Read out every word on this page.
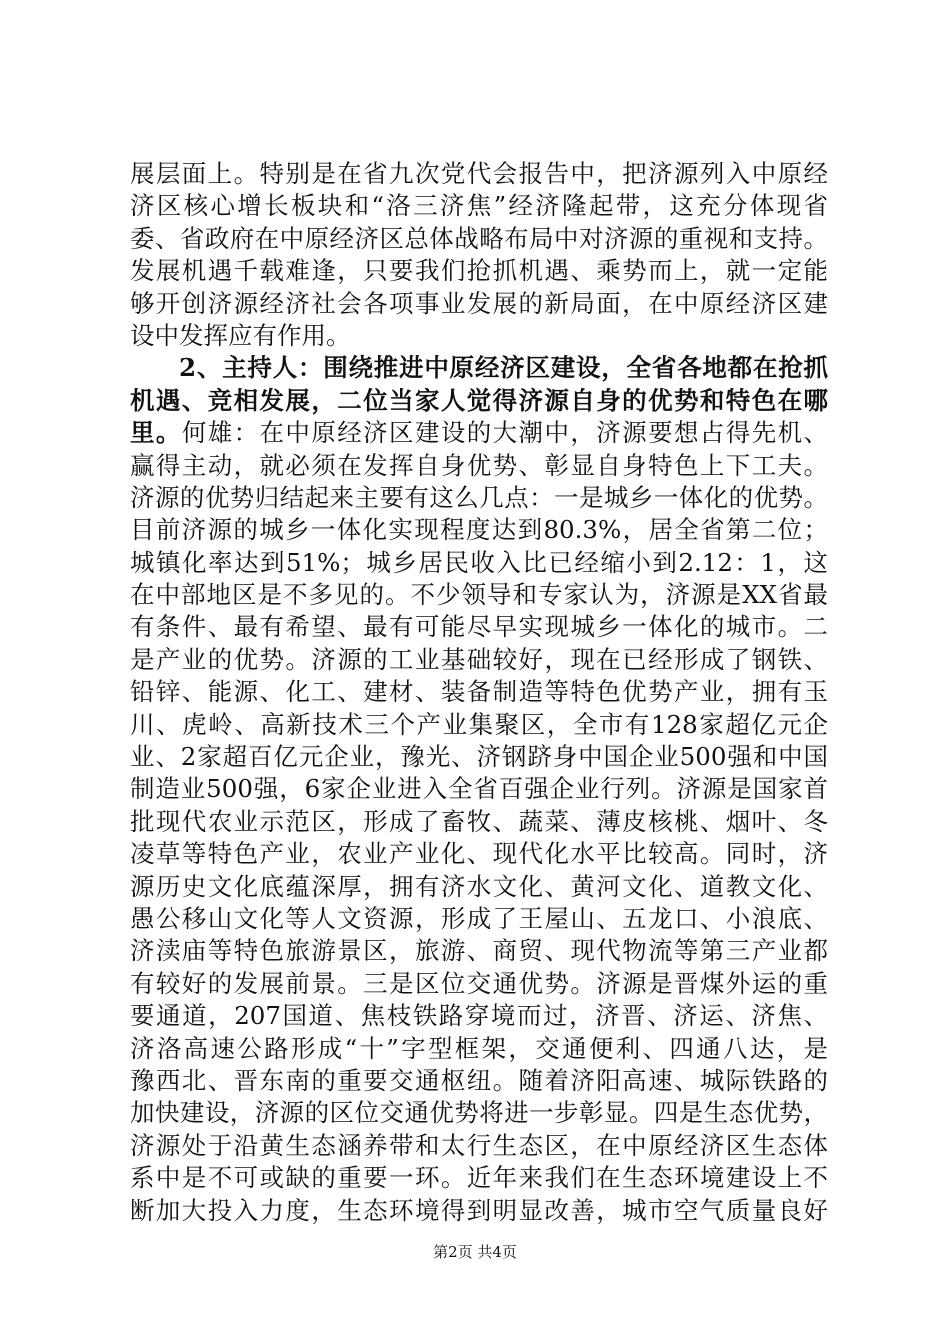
展层面上。特别是在省九次党代会报告中，把济源列入中原经
济区核心增长板块和“洛三济焦”经济隆起带，这充分体现省
委、省政府在中原经济区总体战略布局中对济源的重视和支持。
发展机遇千载难逢，只要我们抢抓机遇、乘势而上，就一定能
够开创济源经济社会各项事业发展的新局面，在中原经济区建
设中发挥应有作用。
2、主持人：围绕推进中原经济区建设，全省各地都在抢抓
机遇、竞相发展，二位当家人觉得济源自身的优势和特色在哪
里。何雄：在中原经济区建设的大潮中，济源要想占得先机、
赢得主动，就必须在发挥自身优势、彰显自身特色上下工夫。
济源的优势归结起来主要有这么几点：一是城乡一体化的优势。
目前济源的城乡一体化实现程度达到80.3%，居全省第二位；
城镇化率达到51%；城乡居民收入比已经缩小到2.12：1，这
在中部地区是不多见的。不少领导和专家认为，济源是XX省最
有条件、最有希望、最有可能尽早实现城乡一体化的城市。二
是产业的优势。济源的工业基础较好，现在已经形成了钢铁、
铅锌、能源、化工、建材、装备制造等特色优势产业，拥有玉
川、虎岭、高新技术三个产业集聚区，全市有128家超亿元企
业、2家超百亿元企业，豫光、济钢跻身中国企业500强和中国
制造业500强，6家企业进入全省百强企业行列。济源是国家首
批现代农业示范区，形成了畜牧、蔬菜、薄皮核桃、烟叶、冬
凌草等特色产业，农业产业化、现代化水平比较高。同时，济
源历史文化底蕴深厚，拥有济水文化、黄河文化、道教文化、
愚公移山文化等人文资源，形成了王屋山、五龙口、小浪底、
济渎庙等特色旅游景区，旅游、商贸、现代物流等第三产业都
有较好的发展前景。三是区位交通优势。济源是晋煤外运的重
要通道，207国道、焦枝铁路穿境而过，济晋、济运、济焦、
济洛高速公路形成“十”字型框架，交通便利、四通八达，是
豫西北、晋东南的重要交通枢纽。随着济阳高速、城际铁路的
加快建设，济源的区位交通优势将进一步彰显。四是生态优势，
济源处于沿黄生态涵养带和太行生态区，在中原经济区生态体
系中是不可或缺的重要一环。近年来我们在生态环境建设上不
断加大投入力度，生态环境得到明显改善，城市空气质量良好
第2页 共4页
